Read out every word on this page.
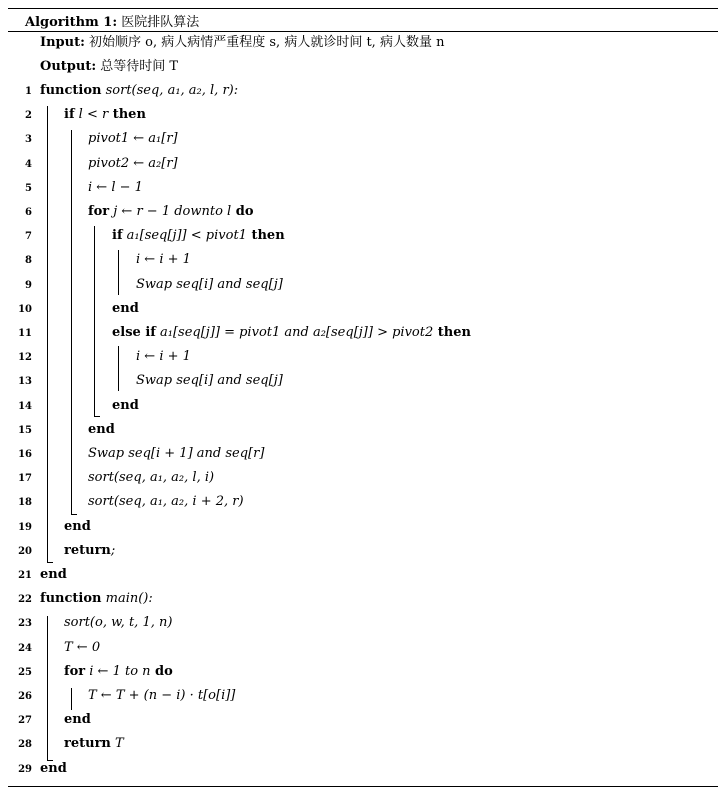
Algorithm 1: 医院排队算法
Input: 初始顺序 o, 病人病情严重程度 s, 病人就诊时间 t, 病人数量 n
Output: 总等待时间 T
1 function sort(seq, a₁, a₂, l, r):
2 if l < r then
3	pivot1 ← a₁[r]
4	pivot2 ← a₂[r]
5	i ← l − 1
6	for j ← r − 1 downto l do
7	if a₁[seq[j]] < pivot1 then
8	i ← i + 1
9	Swap seq[i] and seq[j]
10	end
11	else if a₁[seq[j]] = pivot1 and a₂[seq[j]] > pivot2 then
12	i ← i + 1
13	Swap seq[i] and seq[j]
14	end
15	end
16	Swap seq[i + 1] and seq[r]
17	sort(seq, a₁, a₂, l, i)
18	sort(seq, a₁, a₂, i + 2, r)
19 end
20 return;
21 end
22 function main():
23 sort(o, w, t, 1, n)
24 T ← 0
25 for i ← 1 to n do
26	T ← T + (n − i) · t[o[i]]
27 end
28 return T
29 end
